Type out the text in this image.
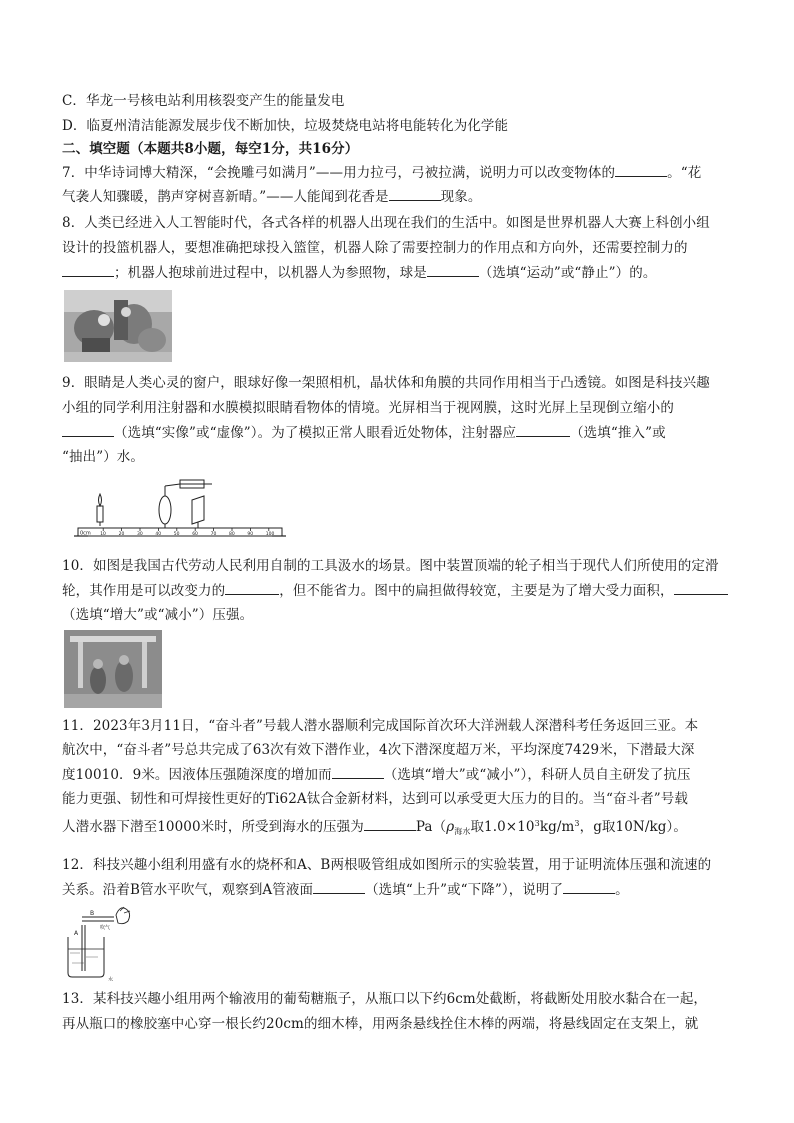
C．华龙一号核电站利用核裂变产生的能量发电
D．临夏州清洁能源发展步伐不断加快，垃圾焚烧电站将电能转化为化学能
二、填空题（本题共8小题，每空1分，共16分）
7．中华诗词博大精深，“会挽雕弓如满月”——用力拉弓，弓被拉满，说明力可以改变物体的	。“花
气袭人知骤暖，鹊声穿树喜新晴。”——人能闻到花香是	现象。
8．人类已经进入人工智能时代，各式各样的机器人出现在我们的生活中。如图是世界机器人大赛上科创小组
设计的投篮机器人，要想准确把球投入篮筐，机器人除了需要控制力的作用点和方向外，还需要控制力的
；机器人抱球前进过程中，以机器人为参照物，球是	（选填“运动”或“静止”）的。
9．眼睛是人类心灵的窗户，眼球好像一架照相机，晶状体和角膜的共同作用相当于凸透镜。如图是科技兴趣
小组的同学利用注射器和水膜模拟眼睛看物体的情境。光屏相当于视网膜，这时光屏上呈现倒立缩小的
（选填“实像”或“虚像”）。为了模拟正常人眼看近处物体，注射器应	（选填“推入”或
“抽出”）水。
10	20	30	40	50	60	70	80	90	100
0cm
10．如图是我国古代劳动人民利用自制的工具汲水的场景。图中装置顶端的轮子相当于现代人们所使用的定滑
轮，其作用是可以改变力的	，但不能省力。图中的扁担做得较宽，主要是为了增大受力面积，
（选填“增大”或“减小”）压强。
11．2023年3月11日，“奋斗者”号载人潜水器顺利完成国际首次环大洋洲载人深潜科考任务返回三亚。本
航次中，“奋斗者”号总共完成了63次有效下潜作业，4次下潜深度超万米，平均深度7429米，下潜最大深
度10010．9米。因液体压强随深度的增加而	（选填“增大”或“减小”），科研人员自主研发了抗压
能力更强、韧性和可焊接性更好的Ti62A钛合金新材料，达到可以承受更大压力的目的。当“奋斗者”号载
人潜水器下潜至10000米时，所受到海水的压强为	$Pa(\rho_{海水}$取$1.0\times 10^3kg/m^3$，g取10N/kg）。
12．科技兴趣小组利用盛有水的烧杯和A、B两根吸管组成如图所示的实验装置，用于证明流体压强和流速的
关系。沿着B管水平吹气，观察到A管液面	（选填“上升”或“下降”），说明了	。
B
A
吹气
水
13．某科技兴趣小组用两个输液用的葡萄糖瓶子，从瓶口以下约6cm处截断，将截断处用胶水黏合在一起，
再从瓶口的橡胶塞中心穿一根长约20cm的细木棒，用两条悬线拴住木棒的两端，将悬线固定在支架上，就
